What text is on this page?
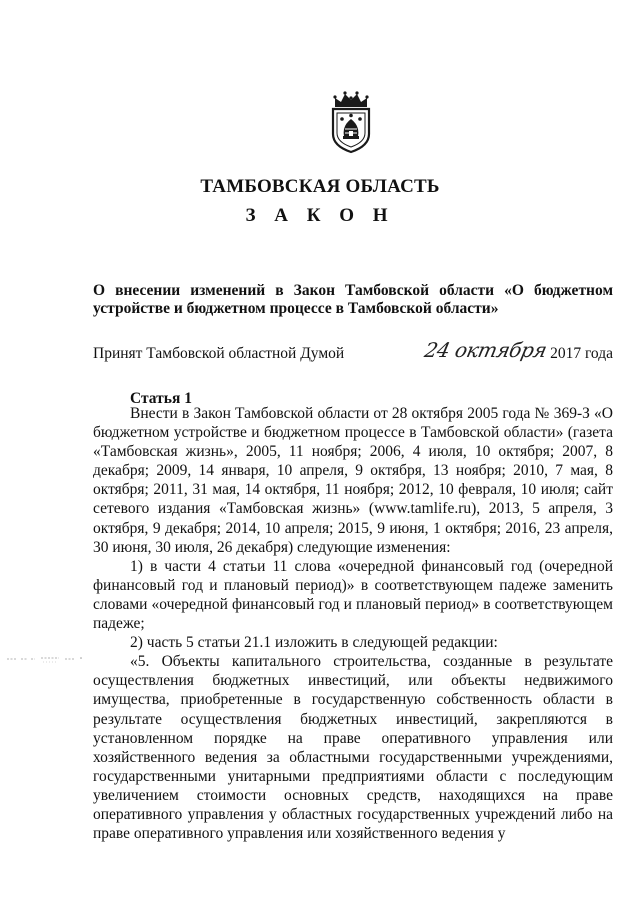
ТАМБОВСКАЯ ОБЛАСТЬ
З А К О Н
О внесении изменений в Закон Тамбовской области «О бюджетном устройстве и бюджетном процессе в Тамбовской области»
Принят Тамбовской областной Думой	24 октября 2017 года
Статья 1

Внести в Закон Тамбовской области от 28 октября 2005 года № 369-З «О бюджетном устройстве и бюджетном процессе в Тамбовской области» (газета «Тамбовская жизнь», 2005, 11 ноября; 2006, 4 июля, 10 октября; 2007, 8 декабря; 2009, 14 января, 10 апреля, 9 октября, 13 ноября; 2010, 7 мая, 8 октября; 2011, 31 мая, 14 октября, 11 ноября; 2012, 10 февраля, 10 июля; сайт сетевого издания «Тамбовская жизнь» (www.tamlife.ru), 2013, 5 апреля, 3 октября, 9 декабря; 2014, 10 апреля; 2015, 9 июня, 1 октября; 2016, 23 апреля, 30 июня, 30 июля, 26 декабря) следующие изменения:

1) в части 4 статьи 11 слова «очередной финансовый год (очередной финансовый год и плановый период)» в соответствующем падеже заменить словами «очередной финансовый год и плановый период» в соответствующем падеже;

2) часть 5 статьи 21.1 изложить в следующей редакции:

«5. Объекты капитального строительства, созданные в результате осуществления бюджетных инвестиций, или объекты недвижимого имущества, приобретенные в государственную собственность области в результате осуществления бюджетных инвестиций, закрепляются в установленном порядке на праве оперативного управления или хозяйственного ведения за областными государственными учреждениями, государственными унитарными предприятиями области с последующим увеличением стоимости основных средств, находящихся на праве оперативного управления у областных государственных учреждений либо на праве оперативного управления или хозяйственного ведения у
